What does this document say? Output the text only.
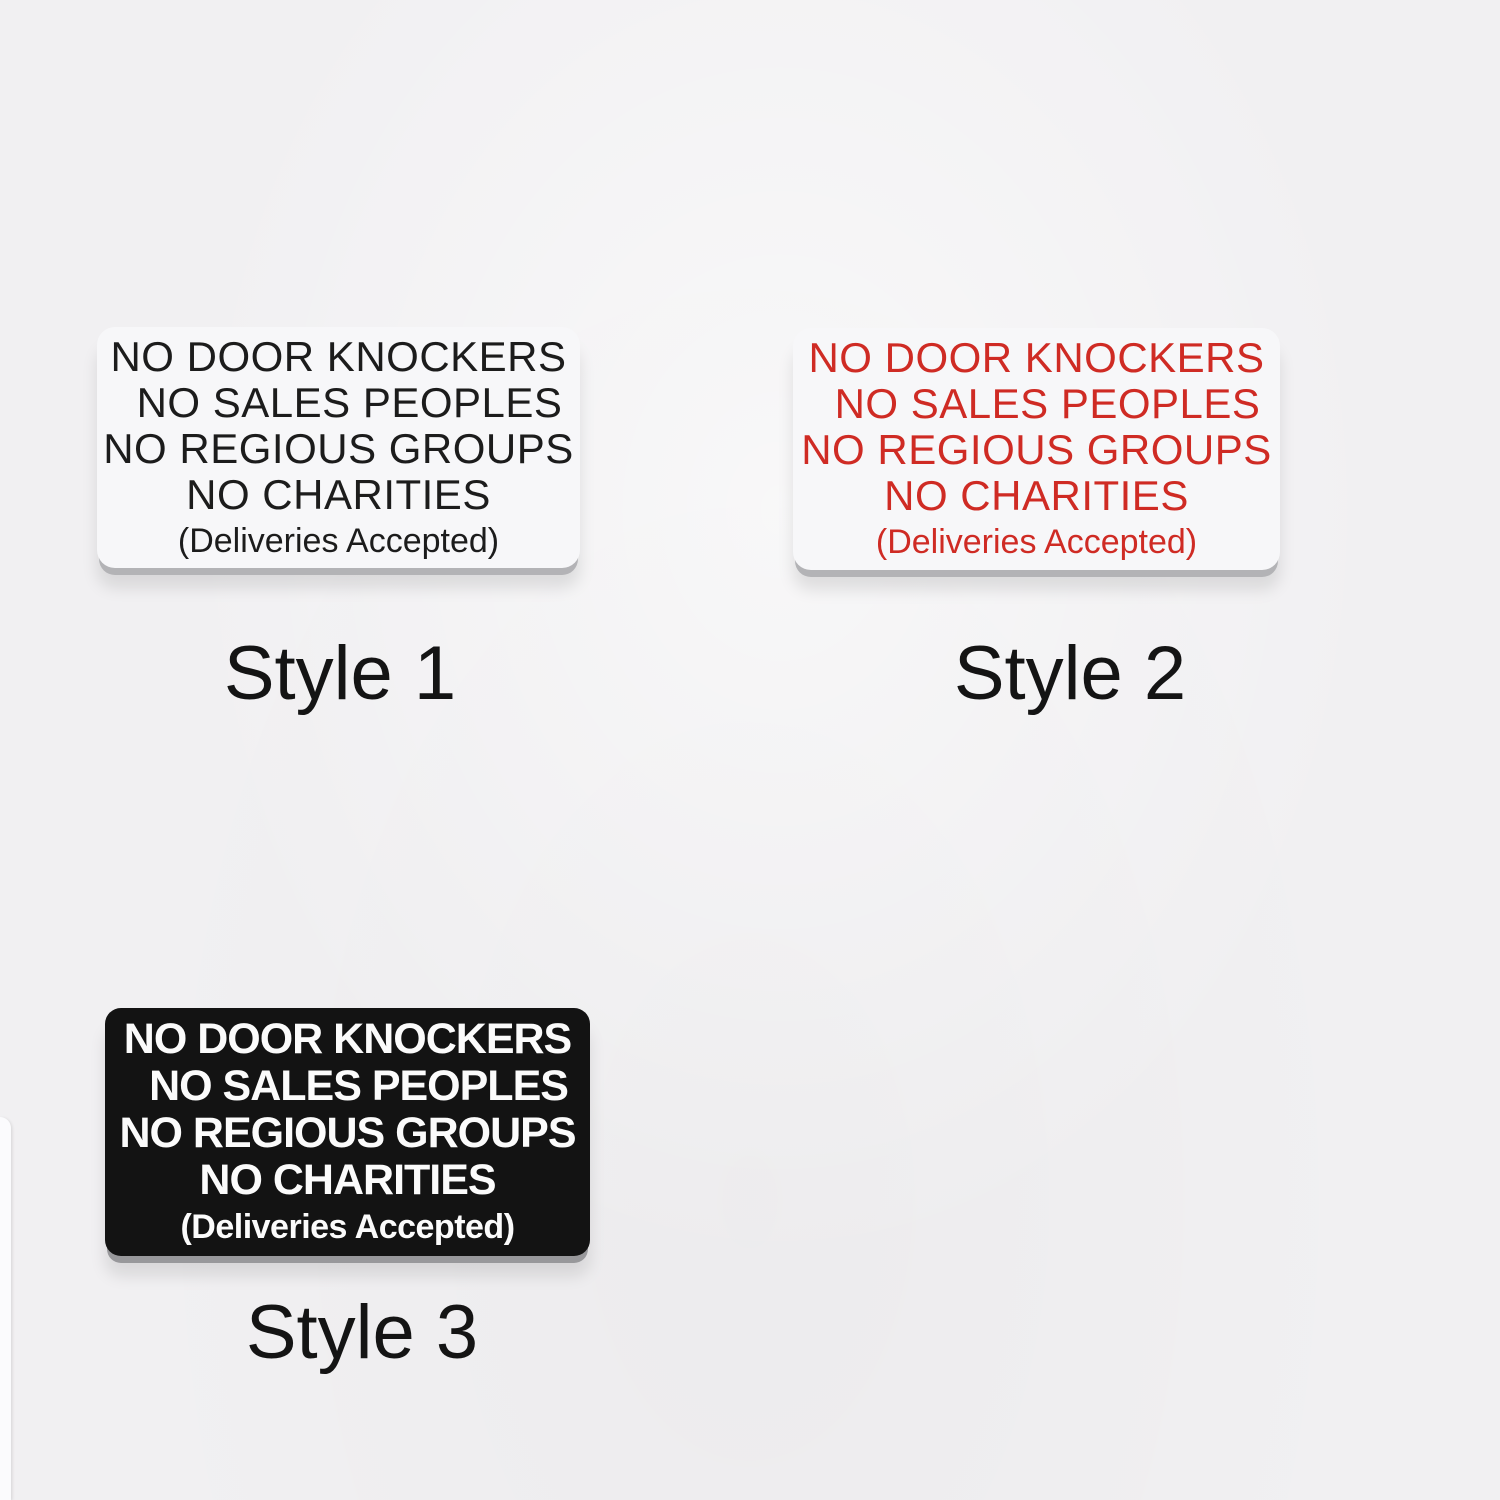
NO DOOR KNOCKERS
NO SALES PEOPLES
NO REGIOUS GROUPS
NO CHARITIES
(Deliveries Accepted)
NO DOOR KNOCKERS
NO SALES PEOPLES
NO REGIOUS GROUPS
NO CHARITIES
(Deliveries Accepted)
NO DOOR KNOCKERS
NO SALES PEOPLES
NO REGIOUS GROUPS
NO CHARITIES
(Deliveries Accepted)
Style 1	Style 2
Style 3
